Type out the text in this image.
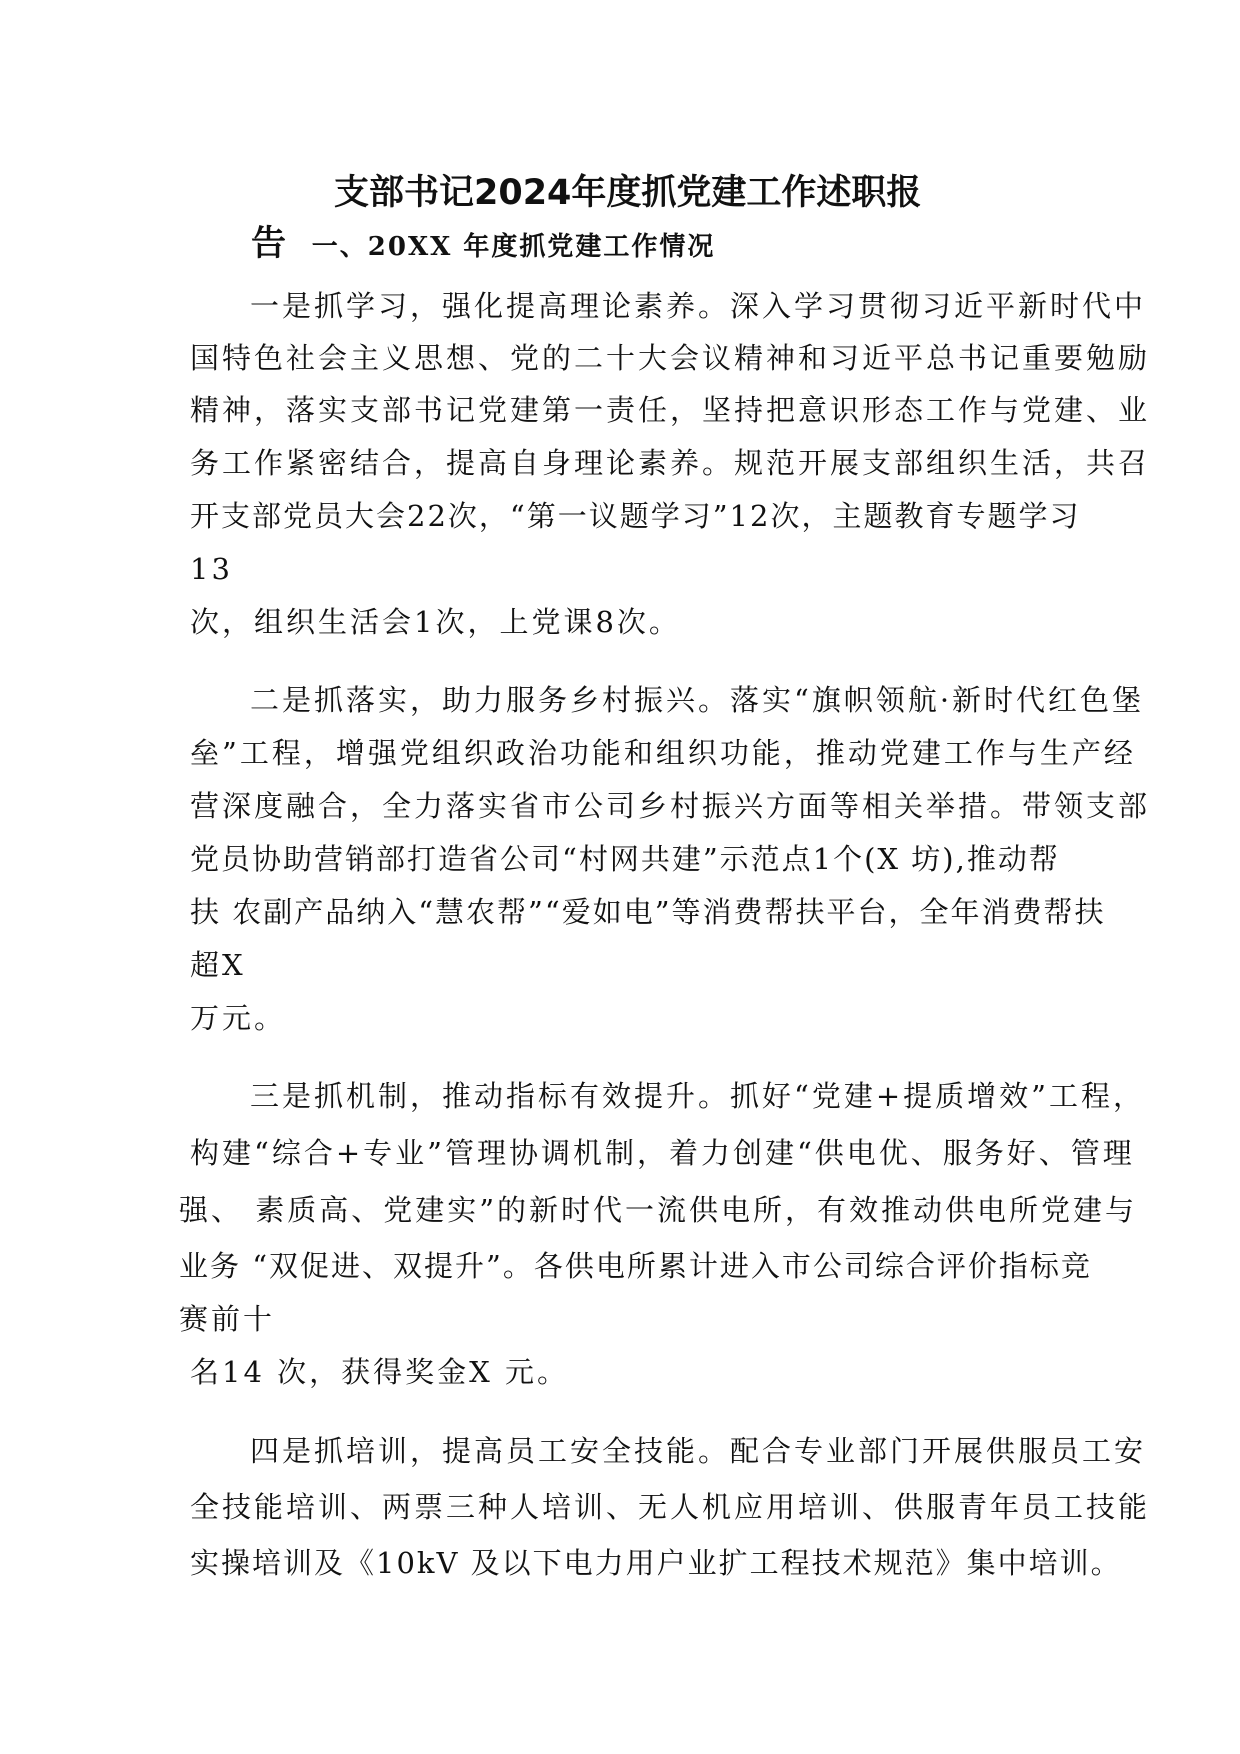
支部书记2024年度抓党建工作述职报
告 一、20XX 年度抓党建工作情况
一是抓学习，强化提高理论素养。深入学习贯彻习近平新时代中
国特色社会主义思想、党的二十大会议精神和习近平总书记重要勉励
精神，落实支部书记党建第一责任，坚持把意识形态工作与党建、业
务工作紧密结合，提高自身理论素养。规范开展支部组织生活，共召
开支部党员大会22次，“第一议题学习”12次，主题教育专题学习
13
次，组织生活会1次，上党课8次。
二是抓落实，助力服务乡村振兴。落实“旗帜领航·新时代红色堡
垒”工程，增强党组织政治功能和组织功能，推动党建工作与生产经
营深度融合，全力落实省市公司乡村振兴方面等相关举措。带领支部
党员协助营销部打造省公司“村网共建”示范点1个(X 坊),推动帮
扶 农副产品纳入“慧农帮”“爱如电”等消费帮扶平台，全年消费帮扶
超X
万元。
三是抓机制，推动指标有效提升。抓好“党建+提质增效”工程，
构建“综合+专业”管理协调机制，着力创建“供电优、服务好、管理
强、 素质高、党建实”的新时代一流供电所，有效推动供电所党建与
业务 “双促进、双提升”。各供电所累计进入市公司综合评价指标竞
赛前十
名14 次，获得奖金X 元。
四是抓培训，提高员工安全技能。配合专业部门开展供服员工安
全技能培训、两票三种人培训、无人机应用培训、供服青年员工技能
实操培训及《10kV 及以下电力用户业扩工程技术规范》集中培训。
